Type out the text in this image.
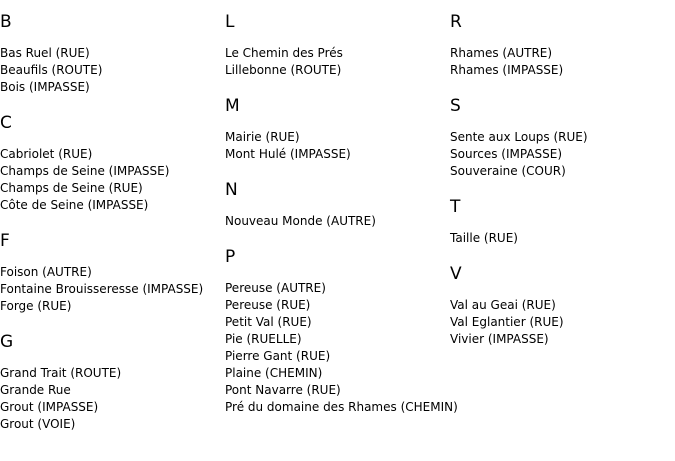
B
Bas Ruel (RUE)
Beaufils (ROUTE)
Bois (IMPASSE)
C
Cabriolet (RUE)
Champs de Seine (IMPASSE)
Champs de Seine (RUE)
Côte de Seine (IMPASSE)
F
Foison (AUTRE)
Fontaine Brouisseresse (IMPASSE)
Forge (RUE)
G
Grand Trait (ROUTE)
Grande Rue
Grout (IMPASSE)
Grout (VOIE)
L
Le Chemin des Prés
Lillebonne (ROUTE)
M
Mairie (RUE)
Mont Hulé (IMPASSE)
N
Nouveau Monde (AUTRE)
P
Pereuse (AUTRE)
Pereuse (RUE)
Petit Val (RUE)
Pie (RUELLE)
Pierre Gant (RUE)
Plaine (CHEMIN)
Pont Navarre (RUE)
Pré du domaine des Rhames (CHEMIN)
R
Rhames (AUTRE)
Rhames (IMPASSE)
S
Sente aux Loups (RUE)
Sources (IMPASSE)
Souveraine (COUR)
T
Taille (RUE)
V
Val au Geai (RUE)
Val Eglantier (RUE)
Vivier (IMPASSE)
